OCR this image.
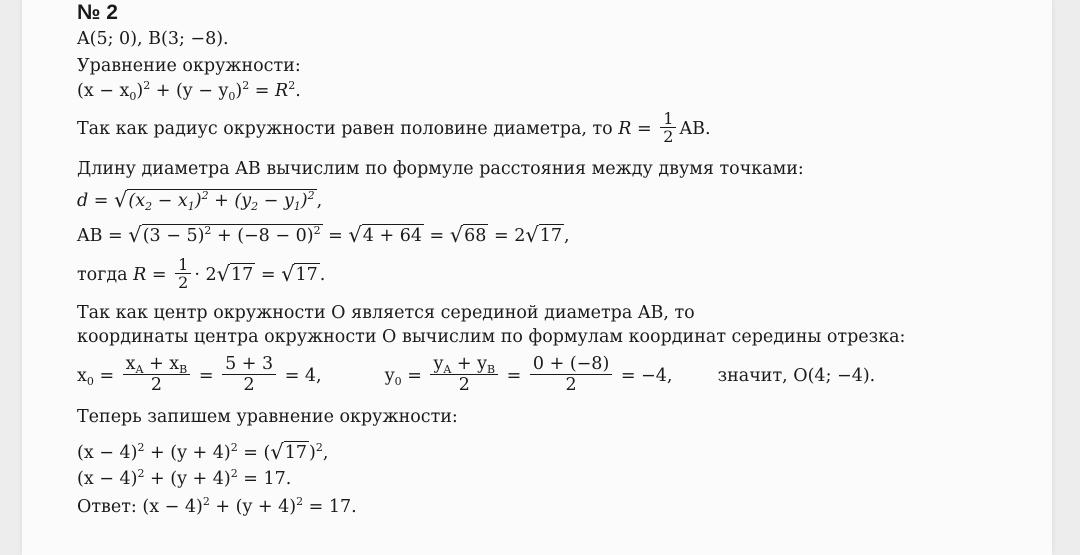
№ 2
A(5; 0), B(3; −8).
Уравнение окружности:
$(x - x_0)^2 + (y - y_0)^2 = R^2$.
Так как радиус окружности равен половине диаметра, то $R = \frac{1}{2}$ AB.
Длину диаметра AB вычислим по формуле расстояния между двумя точками:
$d = √(x_2 - x_1)^2 + (y_2 - y_1)^2$ ,
AB = $√(3 - 5)^2 + (-8 - 0)^2 = √4 + 64 = √68 = 2√17$ ,
тогда $R = \frac{1}{2} \cdot 2√17 = √17$ .
Так как центр окружности O является серединой диаметра AB, то
координаты центра окружности O вычислим по формулам координат середины отрезка:
$x_0 = \frac{x_A + x_B}{2} = \frac{5 + 3}{2} = 4$,	$y_0 = \frac{y_A + y_B}{2} = \frac{0 + (-8)}{2} = -4$,	значит, O(4; −4).
Теперь запишем уравнение окружности:
$(x - 4)^2 + (y + 4)^2 = (√17$ )$^2$,
$(x - 4)^2 + (y + 4)^2 = 17$.
Ответ: $(x - 4)^2 + (y + 4)^2 = 17$.
